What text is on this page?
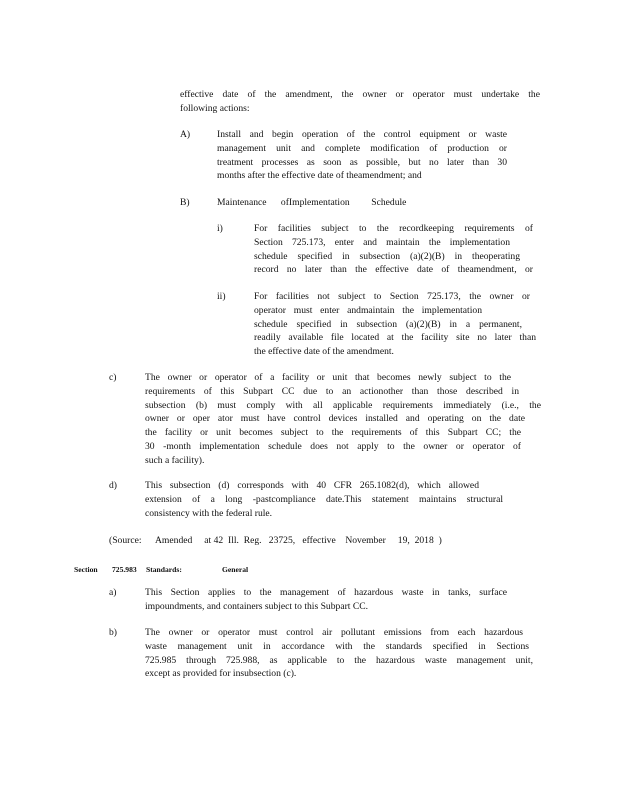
effective date of the amendment, the owner or operator must undertake the
following actions:
A)	Install and begin operation of the control equipment or waste
management unit and complete modification of production or
treatment processes as soon as possible, but no later than 30
months after the effective date of theamendment; and
B)	Maintenance      ofImplementation         Schedule
i)	For facilities subject to the recordkeeping requirements of
Section 725.173, enter and maintain the implementation
schedule specified in subsection (a)(2)(B) in theoperating
record no later than the effective date of theamendment, or
ii)	For facilities not subject to Section 725.173, the owner or
operator must enter andmaintain the implementation
schedule specified in subsection (a)(2)(B) in a permanent,
readily available file located at the facility site no later than
the effective date of the amendment.
c)	The owner or operator of a facility or unit that becomes newly subject to the
requirements of this Subpart CC due to an actionother than those described in
subsection (b) must comply with all applicable requirements immediately (i.e., the
owner or oper ator must have control devices installed and operating on the date
the facility or unit becomes subject to the requirements of this Subpart CC; the
30 -month implementation schedule does not apply to the owner or operator of
such a facility).
d)	This subsection (d) corresponds with 40 CFR 265.1082(d), which allowed
extension of a long -pastcompliance date.This statement maintains structural
consistency with the federal rule.
(Source: Amended     at 42  Ill.  Reg.   23725,   effective    November     19,  2018  )
Section 725.983 Standards:	General
a)	This Section applies to the management of hazardous waste in tanks, surface
impoundments, and containers subject to this Subpart CC.
b)	The owner or operator must control air pollutant emissions from each hazardous
waste management unit in accordance with the standards specified in Sections
725.985 through 725.988, as applicable to the hazardous waste management unit,
except as provided for insubsection (c).
